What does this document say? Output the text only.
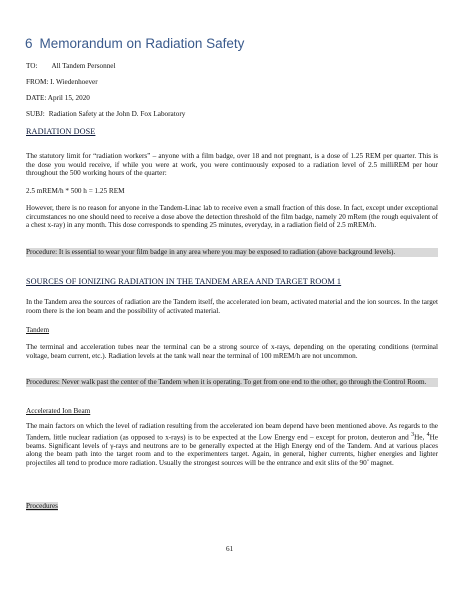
6 Memorandum on Radiation Safety
TO: All Tandem Personnel
FROM: I. Wiedenhoever
DATE: April 15, 2020
SUBJ: Radiation Safety at the John D. Fox Laboratory
RADIATION DOSE
The statutory limit for “radiation workers” – anyone with a film badge, over 18 and not pregnant, is a dose of 1.25 REM per quarter. This is the dose you would receive, if while you were at work, you were continuously exposed to a radiation level of 2.5 milliREM per hour throughout the 500 working hours of the quarter:
2.5 mREM/h * 500 h = 1.25 REM
However, there is no reason for anyone in the Tandem-Linac lab to receive even a small fraction of this dose. In fact, except under exceptional circumstances no one should need to receive a dose above the detection threshold of the film badge, namely 20 mRem (the rough equivalent of a chest x-ray) in any month. This dose corresponds to spending 25 minutes, everyday, in a radiation field of 2.5 mREM/h.
Procedure: It is essential to wear your film badge in any area where you may be exposed to radiation (above background levels).
SOURCES OF IONIZING RADIATION IN THE TANDEM AREA AND TARGET ROOM 1
In the Tandem area the sources of radiation are the Tandem itself, the accelerated ion beam, activated material and the ion sources. In the target room there is the ion beam and the possibility of activated material.
Tandem
The terminal and acceleration tubes near the terminal can be a strong source of x-rays, depending on the operating conditions (terminal voltage, beam current, etc.). Radiation levels at the tank wall near the terminal of 100 mREM/h are not uncommon.
Procedures: Never walk past the center of the Tandem when it is operating. To get from one end to the other, go through the Control Room.
Accelerated Ion Beam
The main factors on which the level of radiation resulting from the accelerated ion beam depend have been mentioned above. As regards to the Tandem, little nuclear radiation (as opposed to x-rays) is to be expected at the Low Energy end – except for proton, deuteron and $^3$He, $^4$He beams. Significant levels of γ-rays and neutrons are to be generally expected at the High Energy end of the Tandem. And at various places along the beam path into the target room and to the experimenters target. Again, in general, higher currents, higher energies and lighter projectiles all tend to produce more radiation. Usually the strongest sources will be the entrance and exit slits of the 90˚ magnet.
Procedures
61
